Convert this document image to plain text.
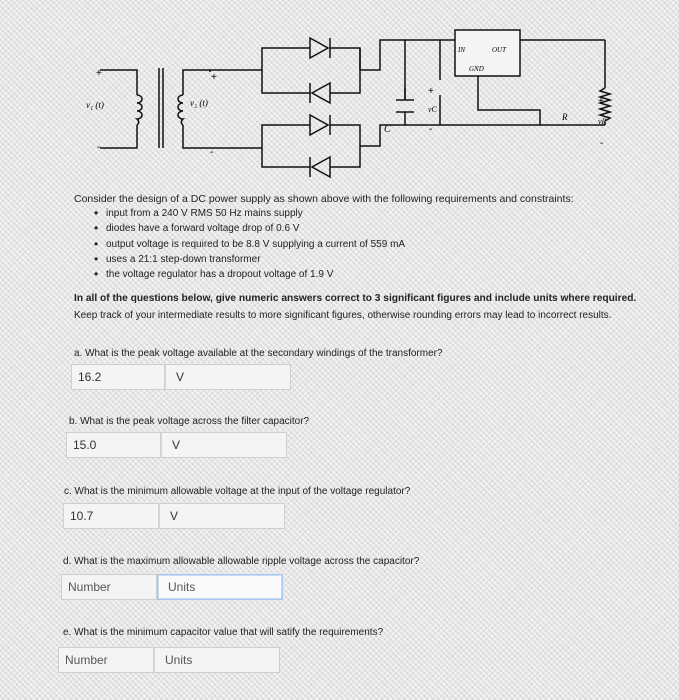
IN	OUT
GND
+
-
v₁ (t)
+
-
v₂ (t)
C
+
vC
-
R
+
vR
-
Consider the design of a DC power supply as shown above with the following requirements and constraints:
• input from a 240 V RMS 50 Hz mains supply
• diodes have a forward voltage drop of 0.6 V
• output voltage is required to be 8.8 V supplying a current of 559 mA
• uses a 21:1 step-down transformer
• the voltage regulator has a dropout voltage of 1.9 V
In all of the questions below, give numeric answers correct to 3 significant figures and include units where required.
Keep track of your intermediate results to more significant figures, otherwise rounding errors may lead to incorrect results.
a. What is the peak voltage available at the secondary windings of the transformer?
16.2	V
b. What is the peak voltage across the filter capacitor?
15.0	V
c. What is the minimum allowable voltage at the input of the voltage regulator?
10.7	V
d. What is the maximum allowable allowable ripple voltage across the capacitor?
Number	Units
e. What is the minimum capacitor value that will satify the requirements?
Number	Units
